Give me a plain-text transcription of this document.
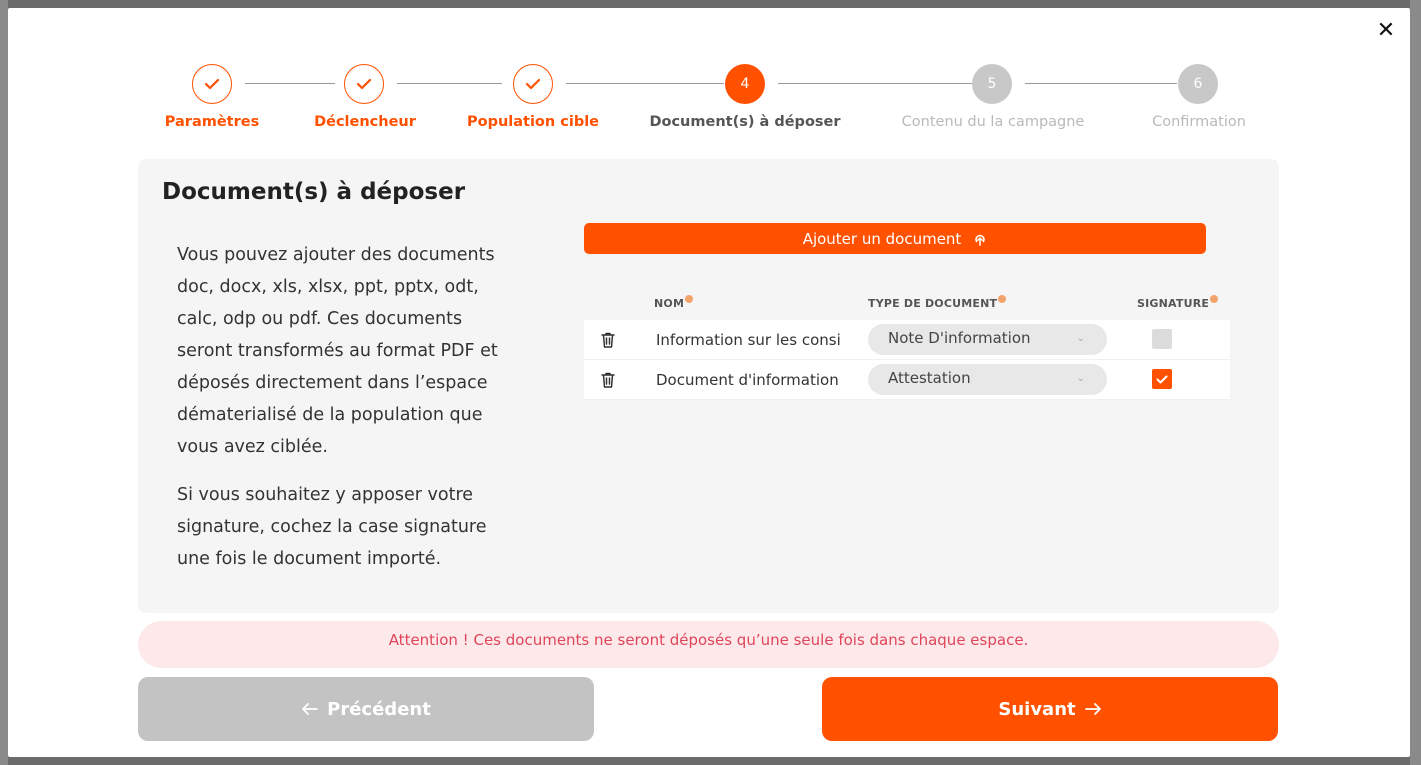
✕
4	5	6
Paramètres	Déclencheur	Population cible	Document(s) à déposer	Contenu du la campagne	Confirmation
Document(s) à déposer

Vous pouvez ajouter des documents doc, docx, xls, xlsx, ppt, pptx, odt, calc, odp ou pdf. Ces documents seront transformés au format PDF et déposés directement dans l’espace dématerialisé de la population que vous avez ciblée.

Si vous souhaitez y apposer votre signature, cochez la case signature une fois le document importé.

Ajouter un document
NOM	TYPE DE DOCUMENT	SIGNATURE
Information sur les consi	Note D'information	⌄
Document d'information	Attestation	⌄
Attention ! Ces documents ne seront déposés qu’une seule fois dans chaque espace.
Précédent	Suivant
